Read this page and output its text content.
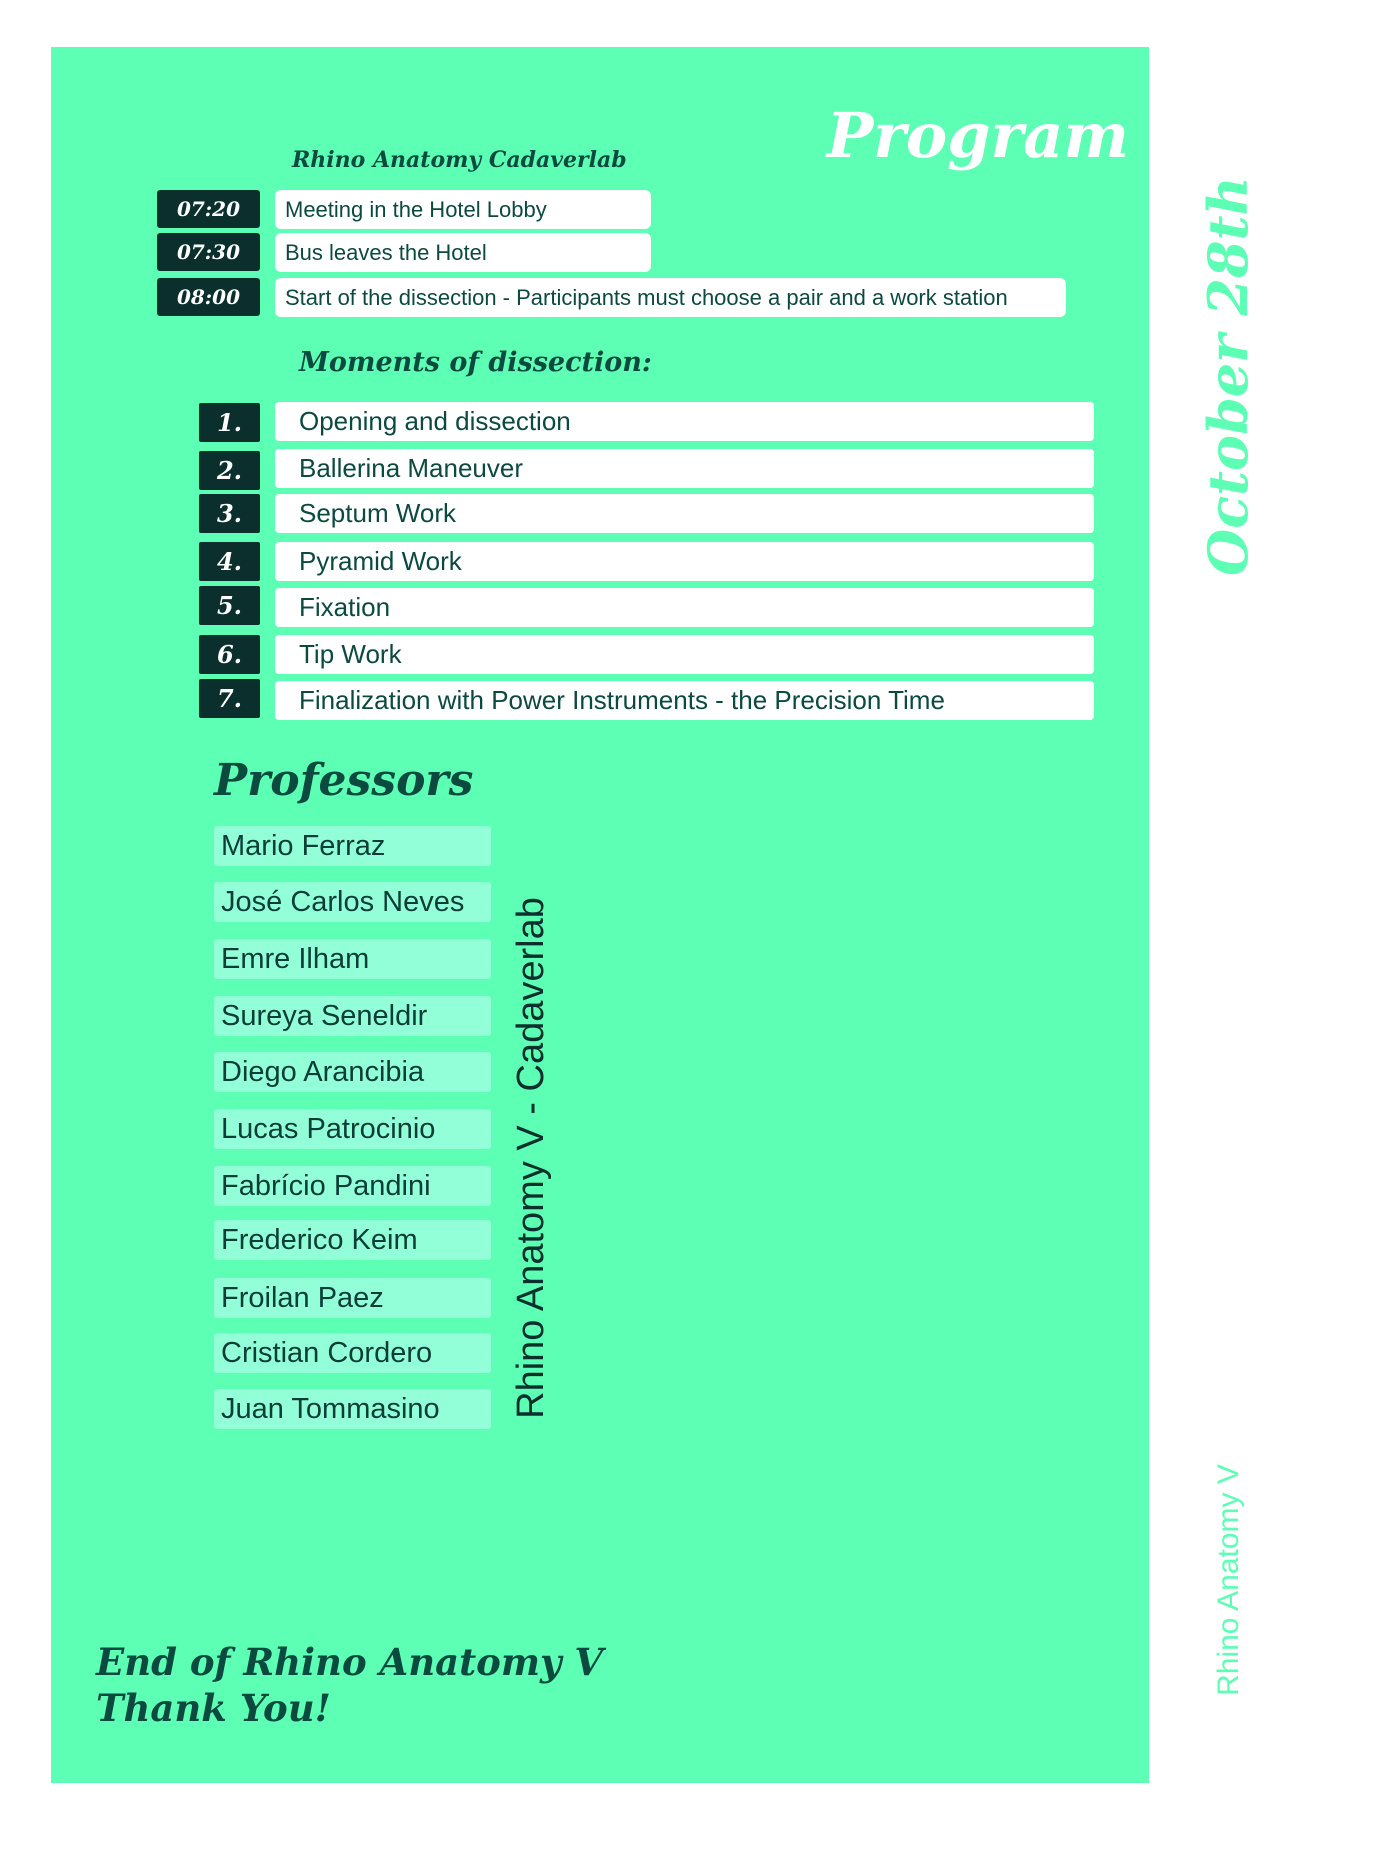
Program
Rhino Anatomy Cadaverlab
07:20	Meeting in the Hotel Lobby
07:30	Bus leaves the Hotel
08:00	Start of the dissection - Participants must choose a pair and a work station
Moments of dissection:
1.	Opening and dissection
2.	Ballerina Maneuver
3.	Septum Work
4.	Pyramid Work
5.	Fixation
6.	Tip Work
7.	Finalization with Power Instruments - the Precision Time
Professors
Mario Ferraz
José Carlos Neves
Emre Ilham
Sureya Seneldir
Diego Arancibia
Lucas Patrocinio
Fabrício Pandini
Frederico Keim
Froilan Paez
Cristian Cordero
Juan Tommasino	Rhino Anatomy V - Cadaverlab
End of Rhino Anatomy V
Thank You!
October 28th
Rhino Anatomy V
